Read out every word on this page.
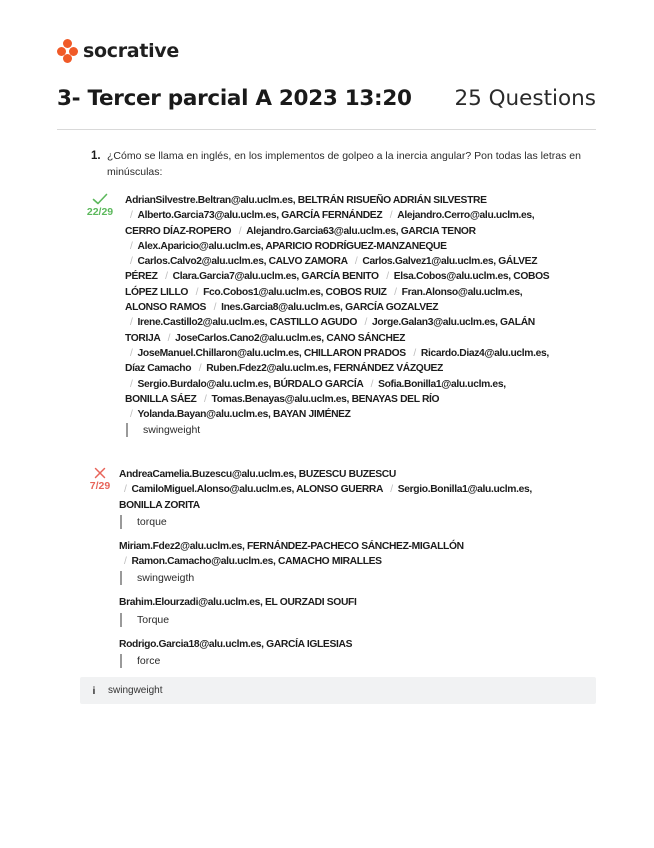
socrative
3- Tercer parcial A 2023 13:20 25 Questions
1. ¿Cómo se llama en inglés, en los implementos de golpeo a la inercia angular? Pon todas las letras en minúsculas:
22/29
AdrianSilvestre.Beltran@alu.uclm.es, BELTRÁN RISUEÑO ADRIÁN SILVESTRE / Alberto.Garcia73@alu.uclm.es, GARCÍA FERNÁNDEZ / Alejandro.Cerro@alu.uclm.es, CERRO DÍAZ-ROPERO / Alejandro.Garcia63@alu.uclm.es, GARCIA TENOR / Alex.Aparicio@alu.uclm.es, APARICIO RODRÍGUEZ-MANZANEQUE / Carlos.Calvo2@alu.uclm.es, CALVO ZAMORA / Carlos.Galvez1@alu.uclm.es, GÁLVEZ PÉREZ / Clara.Garcia7@alu.uclm.es, GARCÍA BENITO / Elsa.Cobos@alu.uclm.es, COBOS LÓPEZ LILLO / Fco.Cobos1@alu.uclm.es, COBOS RUIZ / Fran.Alonso@alu.uclm.es, ALONSO RAMOS / Ines.Garcia8@alu.uclm.es, GARCÍA GOZALVEZ / Irene.Castillo2@alu.uclm.es, CASTILLO AGUDO / Jorge.Galan3@alu.uclm.es, GALÁN TORIJA / JoseCarlos.Cano2@alu.uclm.es, CANO SÁNCHEZ / JoseManuel.Chillaron@alu.uclm.es, CHILLARON PRADOS / Ricardo.Diaz4@alu.uclm.es, Díaz Camacho / Ruben.Fdez2@alu.uclm.es, FERNÁNDEZ VÁZQUEZ / Sergio.Burdalo@alu.uclm.es, BÚRDALO GARCÍA / Sofia.Bonilla1@alu.uclm.es, BONILLA SÁEZ / Tomas.Benayas@alu.uclm.es, BENAYAS DEL RÍO / Yolanda.Bayan@alu.uclm.es, BAYAN JIMÉNEZ
swingweight
7/29
AndreaCamelia.Buzescu@alu.uclm.es, BUZESCU BUZESCU / CamiloMiguel.Alonso@alu.uclm.es, ALONSO GUERRA / Sergio.Bonilla1@alu.uclm.es, BONILLA ZORITA
torque
Miriam.Fdez2@alu.uclm.es, FERNÁNDEZ-PACHECO SÁNCHEZ-MIGALLÓN / Ramon.Camacho@alu.uclm.es, CAMACHO MIRALLES
swingweigth
Brahim.Elourzadi@alu.uclm.es, EL OURZADI SOUFI
Torque
Rodrigo.Garcia18@alu.uclm.es, GARCÍA IGLESIAS
force
i	swingweight
